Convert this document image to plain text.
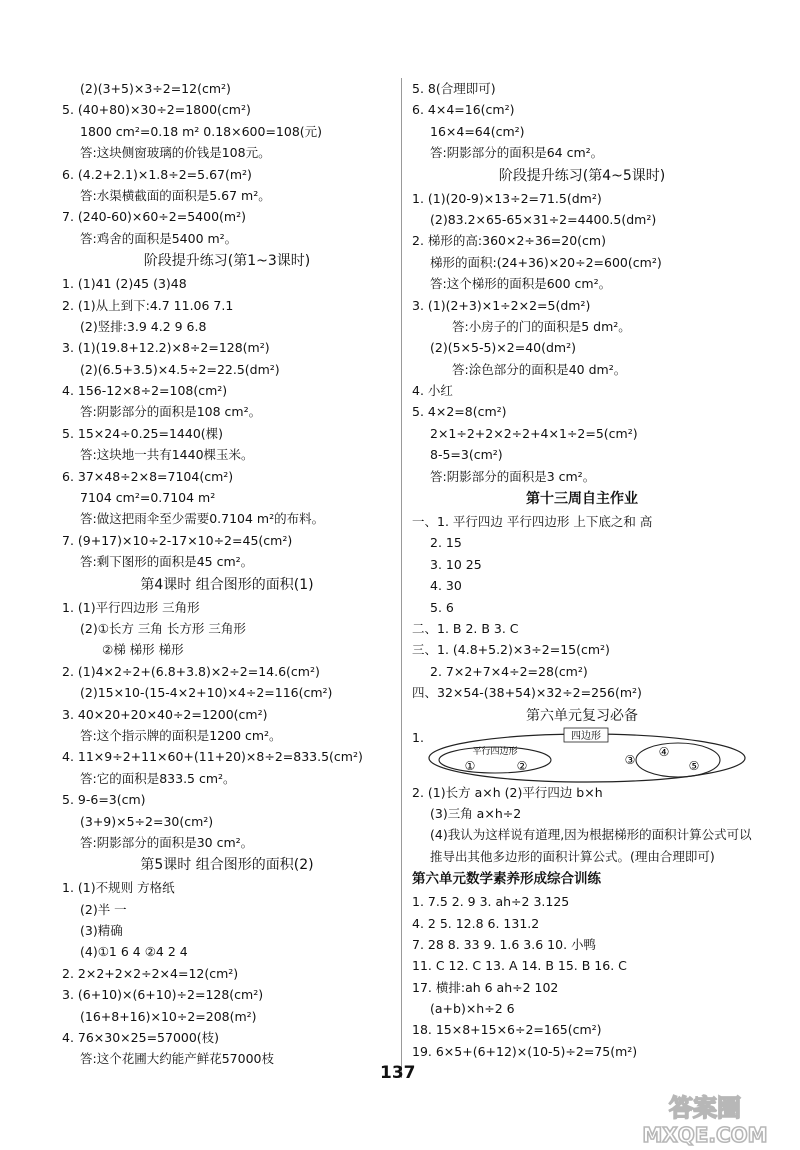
(2)(3+5)×3÷2=12(cm²)
5. (40+80)×30÷2=1800(cm²)
1800 cm²=0.18 m² 0.18×600=108(元)
答:这块侧窗玻璃的价钱是108元。
6. (4.2+2.1)×1.8÷2=5.67(m²)
答:水渠横截面的面积是5.67 m²。
7. (240-60)×60÷2=5400(m²)
答:鸡舍的面积是5400 m²。
阶段提升练习(第1~3课时)
1. (1)41 (2)45 (3)48
2. (1)从上到下:4.7 11.06 7.1
(2)竖排:3.9 4.2 9 6.8
3. (1)(19.8+12.2)×8÷2=128(m²)
(2)(6.5+3.5)×4.5÷2=22.5(dm²)
4. 156-12×8÷2=108(cm²)
答:阴影部分的面积是108 cm²。
5. 15×24÷0.25=1440(棵)
答:这块地一共有1440棵玉米。
6. 37×48÷2×8=7104(cm²)
7104 cm²=0.7104 m²
答:做这把雨伞至少需要0.7104 m²的布料。
7. (9+17)×10÷2-17×10÷2=45(cm²)
答:剩下图形的面积是45 cm²。
第4课时 组合图形的面积(1)
1. (1)平行四边形 三角形
(2)①长方 三角 长方形 三角形
②梯 梯形 梯形
2. (1)4×2÷2+(6.8+3.8)×2÷2=14.6(cm²)
(2)15×10-(15-4×2+10)×4÷2=116(cm²)
3. 40×20+20×40÷2=1200(cm²)
答:这个指示牌的面积是1200 cm²。
4. 11×9÷2+11×60+(11+20)×8÷2=833.5(cm²)
答:它的面积是833.5 cm²。
5. 9-6=3(cm)
(3+9)×5÷2=30(cm²)
答:阴影部分的面积是30 cm²。
第5课时 组合图形的面积(2)
1. (1)不规则 方格纸
(2)半 一
(3)精确
(4)①1 6 4 ②4 2 4
2. 2×2+2×2÷2×4=12(cm²)
3. (6+10)×(6+10)÷2=128(cm²)
(16+8+16)×10÷2=208(m²)
4. 76×30×25=57000(枝)
答:这个花圃大约能产鲜花57000枝
5. 8(合理即可)
6. 4×4=16(cm²)
16×4=64(cm²)
答:阴影部分的面积是64 cm²。
阶段提升练习(第4~5课时)
1. (1)(20-9)×13÷2=71.5(dm²)
(2)83.2×65-65×31÷2=4400.5(dm²)
2. 梯形的高:360×2÷36=20(cm)
梯形的面积:(24+36)×20÷2=600(cm²)
答:这个梯形的面积是600 cm²。
3. (1)(2+3)×1÷2×2=5(dm²)
答:小房子的门的面积是5 dm²。
(2)(5×5-5)×2=40(dm²)
答:涂色部分的面积是40 dm²。
4. 小红
5. 4×2=8(cm²)
2×1÷2+2×2÷2+4×1÷2=5(cm²)
8-5=3(cm²)
答:阴影部分的面积是3 cm²。
第十三周自主作业
一、1. 平行四边 平行四边形 上下底之和 高
2. 15
3. 10 25
4. 30
5. 6
二、1. B 2. B 3. C
三、1. (4.8+5.2)×3÷2=15(cm²)
2. 7×2+7×4÷2=28(cm²)
四、32×54-(38+54)×32÷2=256(m²)
第六单元复习必备
1.	四边形
平行四边形
①	②	③
④
⑤
2. (1)长方 a×h (2)平行四边 b×h
(3)三角 a×h÷2
(4)我认为这样说有道理,因为根据梯形的面积计算公式可以
推导出其他多边形的面积计算公式。(理由合理即可)
第六单元数学素养形成综合训练
1. 7.5 2. 9 3. ah÷2 3.125
4. 2 5. 12.8 6. 131.2
7. 28 8. 33 9. 1.6 3.6 10. 小鸭
11. C 12. C 13. A 14. B 15. B 16. C
17. 横排:ah 6 ah÷2 102
(a+b)×h÷2 6
18. 15×8+15×6÷2=165(cm²)
19. 6×5+(6+12)×(10-5)÷2=75(m²)
137
答案圈
MXQE.COM
